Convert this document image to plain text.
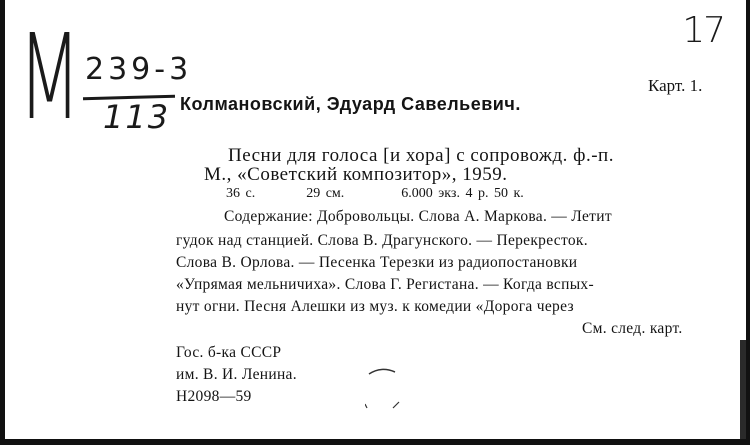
М 239-3
113
17
Карт. 1.
Колмановский, Эдуард Савельевич.
Песни для голоса [и хора] с сопровожд. ф.-п.
М., «Советский композитор», 1959.
36 с.	29 см.	6.000 экз. 4 р. 50 к.
Содержание: Добровольцы. Слова А. Маркова. — Летит
гудок над станцией. Слова В. Драгунского. — Перекресток.
Слова В. Орлова. — Песенка Терезки из радиопостановки
«Упрямая мельничиха». Слова Г. Регистана. — Когда вспых-
нут огни. Песня Алешки из муз. к комедии «Дорога через
См. след. карт.
Гос. б-ка СССР
им. В. И. Ленина.
Н2098—59
